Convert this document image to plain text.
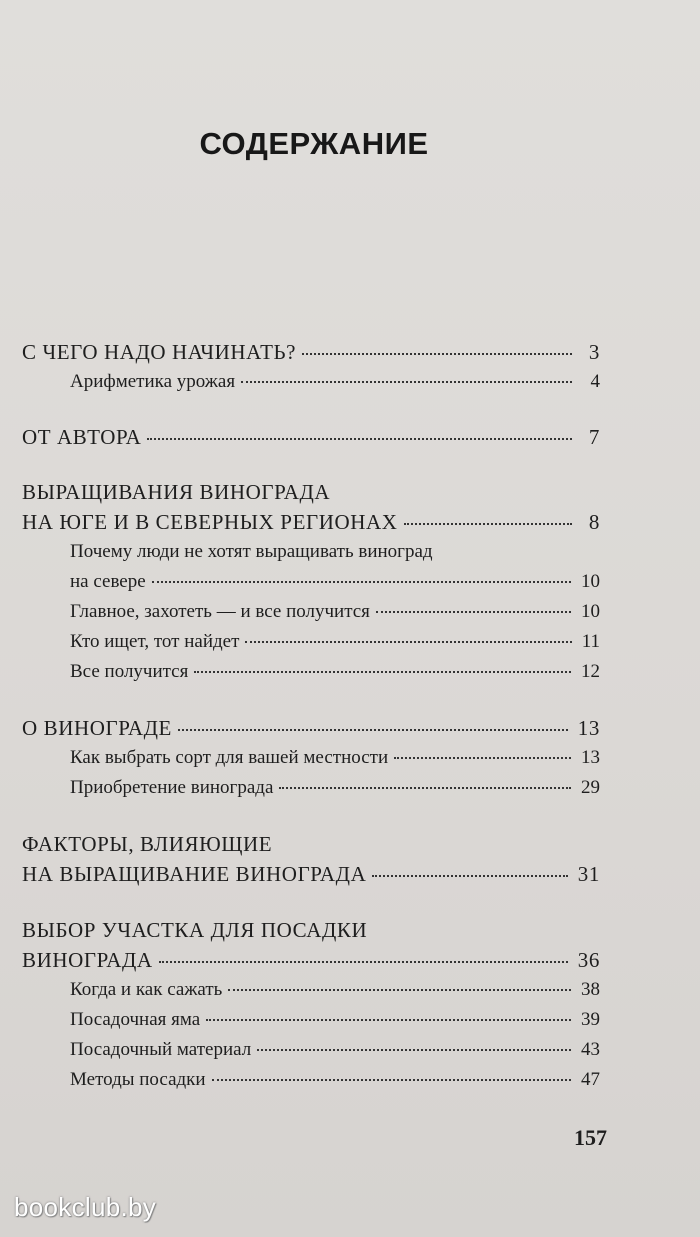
СОДЕРЖАНИЕ
С ЧЕГО НАДО НАЧИНАТЬ?	3
Арифметика урожая	4
ОТ АВТОРА	7
ВЫРАЩИВАНИЯ ВИНОГРАДА
НА ЮГЕ И В СЕВЕРНЫХ РЕГИОНАХ	8
Почему люди не хотят выращивать виноград
на севере	10
Главное, захотеть — и все получится	10
Кто ищет, тот найдет	11
Все получится	12
О ВИНОГРАДЕ	13
Как выбрать сорт для вашей местности	13
Приобретение винограда	29
ФАКТОРЫ, ВЛИЯЮЩИЕ
НА ВЫРАЩИВАНИЕ ВИНОГРАДА	31
ВЫБОР УЧАСТКА ДЛЯ ПОСАДКИ
ВИНОГРАДА	36
Когда и как сажать	38
Посадочная яма	39
Посадочный материал	43
Методы посадки	47
157
bookclub.by
